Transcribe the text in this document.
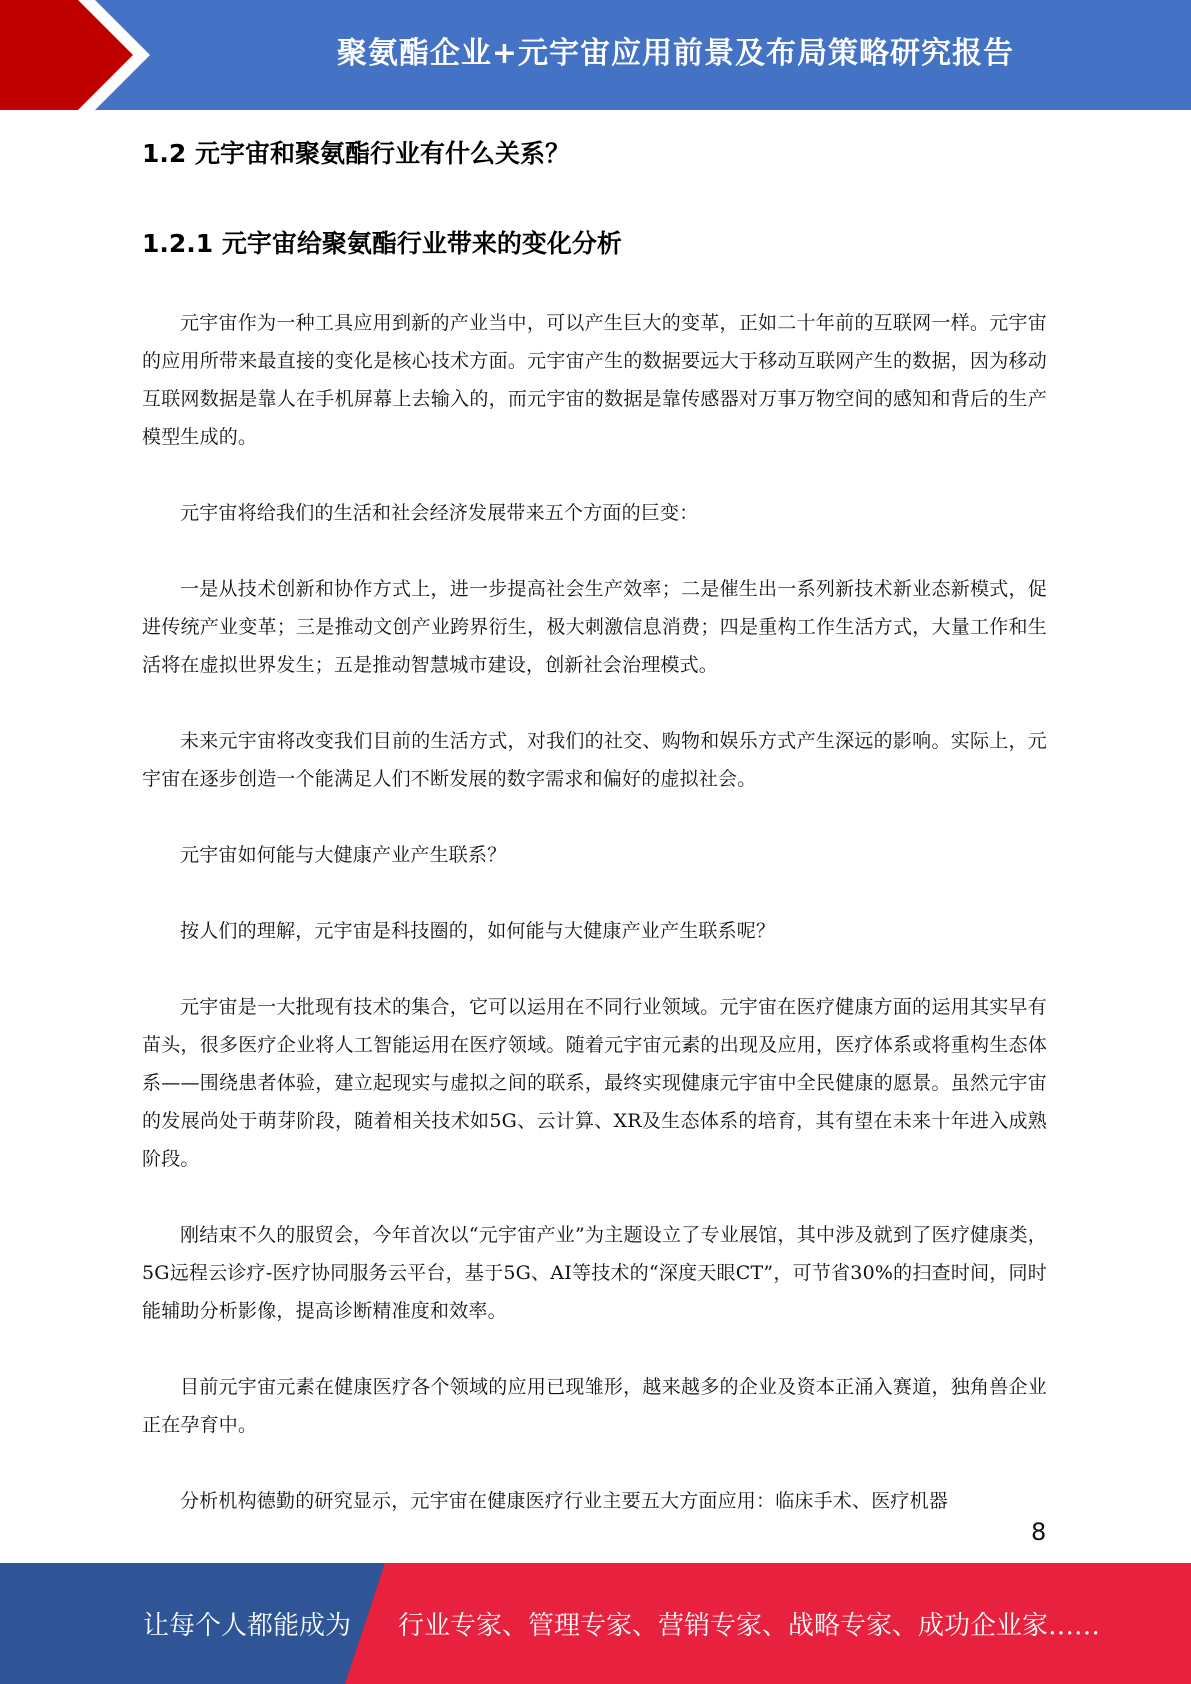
聚氨酯企业+元宇宙应用前景及布局策略研究报告
1.2 元宇宙和聚氨酯行业有什么关系？
1.2.1 元宇宙给聚氨酯行业带来的变化分析

元宇宙作为一种工具应用到新的产业当中，可以产生巨大的变革，正如二十年前的互联网一样。元宇宙的应用所带来最直接的变化是核心技术方面。元宇宙产生的数据要远大于移动互联网产生的数据，因为移动互联网数据是靠人在手机屏幕上去输入的，而元宇宙的数据是靠传感器对万事万物空间的感知和背后的生产模型生成的。

元宇宙将给我们的生活和社会经济发展带来五个方面的巨变：

一是从技术创新和协作方式上，进一步提高社会生产效率；二是催生出一系列新技术新业态新模式，促进传统产业变革；三是推动文创产业跨界衍生，极大刺激信息消费；四是重构工作生活方式，大量工作和生活将在虚拟世界发生；五是推动智慧城市建设，创新社会治理模式。

未来元宇宙将改变我们目前的生活方式，对我们的社交、购物和娱乐方式产生深远的影响。实际上，元宇宙在逐步创造一个能满足人们不断发展的数字需求和偏好的虚拟社会。

元宇宙如何能与大健康产业产生联系？

按人们的理解，元宇宙是科技圈的，如何能与大健康产业产生联系呢？

元宇宙是一大批现有技术的集合，它可以运用在不同行业领域。元宇宙在医疗健康方面的运用其实早有苗头，很多医疗企业将人工智能运用在医疗领域。随着元宇宙元素的出现及应用，医疗体系或将重构生态体系——围绕患者体验，建立起现实与虚拟之间的联系，最终实现健康元宇宙中全民健康的愿景。虽然元宇宙的发展尚处于萌芽阶段，随着相关技术如5G、云计算、XR及生态体系的培育，其有望在未来十年进入成熟阶段。

刚结束不久的服贸会，今年首次以“元宇宙产业”为主题设立了专业展馆，其中涉及就到了医疗健康类，5G远程云诊疗-医疗协同服务云平台，基于5G、AI等技术的“深度天眼CT”，可节省30%的扫查时间，同时能辅助分析影像，提高诊断精准度和效率。

目前元宇宙元素在健康医疗各个领域的应用已现雏形，越来越多的企业及资本正涌入赛道，独角兽企业正在孕育中。

分析机构德勤的研究显示，元宇宙在健康医疗行业主要五大方面应用：临床手术、医疗机器

8
让每个人都能成为 行业专家、管理专家、营销专家、战略专家、成功企业家……
